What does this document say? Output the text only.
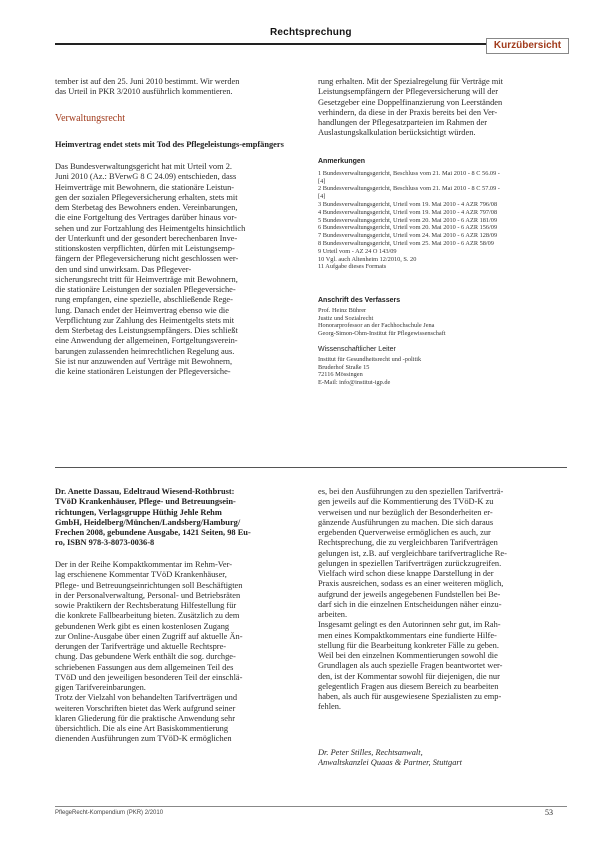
Rechtsprechung
Kurzübersicht
tember ist auf den 25. Juni 2010 bestimmt. Wir werden
das Urteil in PKR 3/2010 ausführlich kommentieren.
Verwaltungsrecht
Heimvertrag endet stets mit Tod des Pflegeleistungs-empfängers
Das Bundesverwaltungsgericht hat mit Urteil vom 2.
Juni 2010 (Az.: BVerwG 8 C 24.09) entschieden, dass
Heimverträge mit Bewohnern, die stationäre Leistun-
gen der sozialen Pflegeversicherung erhalten, stets mit
dem Sterbetag des Bewohners enden. Vereinbarungen,
die eine Fortgeltung des Vertrages darüber hinaus vor-
sehen und zur Fortzahlung des Heimentgelts hinsichtlich
der Unterkunft und der gesondert berechenbaren Inve-
stitionskosten verpflichten, dürfen mit Leistungsemp-
fängern der Pflegeversicherung nicht geschlossen wer-
den und sind unwirksam. Das Pflegever-
sicherungsrecht tritt für Heimverträge mit Bewohnern,
die stationäre Leistungen der sozialen Pflegeversiche-
rung empfangen, eine spezielle, abschließende Rege-
lung. Danach endet der Heimvertrag ebenso wie die
Verpflichtung zur Zahlung des Heimentgelts stets mit
dem Sterbetag des Leistungsempfängers. Dies schließt
eine Anwendung der allgemeinen, Fortgeltungsverein-
barungen zulassenden heimrechtlichen Regelung aus.
Sie ist nur anzuwenden auf Verträge mit Bewohnern,
die keine stationären Leistungen der Pflegeversiche-
rung erhalten. Mit der Spezialregelung für Verträge mit
Leistungsempfängern der Pflegeversicherung will der
Gesetzgeber eine Doppelfinanzierung von Leerständen
verhindern, da diese in der Praxis bereits bei den Ver-
handlungen der Pflegesatzparteien im Rahmen der
Auslastungskalkulation berücksichtigt würden.
Anmerkungen
1 Bundesverwaltungsgericht, Beschluss vom 21. Mai 2010 - 8 C 56.09 -
[4]
2 Bundesverwaltungsgericht, Beschluss vom 21. Mai 2010 - 8 C 57.09 -
[4]
3 Bundesverwaltungsgericht, Urteil vom 19. Mai 2010 - 4 AZR 796/08
4 Bundesverwaltungsgericht, Urteil vom 19. Mai 2010 - 4 AZR 797/08
5 Bundesverwaltungsgericht, Urteil vom 20. Mai 2010 - 6 AZR 181/09
6 Bundesverwaltungsgericht, Urteil vom 20. Mai 2010 - 6 AZR 156/09
7 Bundesverwaltungsgericht, Urteil vom 24. Mai 2010 - 6 AZR 128/09
8 Bundesverwaltungsgericht, Urteil vom 25. Mai 2010 - 6 AZR 58/09
9 Urteil vom - AZ 24 O 143/09
10 Vgl. auch Altenheim 12/2010, S. 20
11 Aufgabe dieses Formats
Anschrift des Verfassers
Prof. Heinz Bührer
Justiz und Sozialrecht
Honorarprofessor an der Fachhochschule Jena
Georg-Simon-Ohm-Institut für Pflegewissenschaft
Wissenschaftlicher Leiter
Institut für Gesundheitsrecht und -politik
Bruderhof Straße 15
72116 Mössingen
E-Mail: info@institut-igp.de
Dr. Anette Dassau, Edeltraud Wiesend-Rothbrust:
TVöD Krankenhäuser, Pflege- und Betreuungsein-
richtungen, Verlagsgruppe Hüthig Jehle Rehm
GmbH, Heidelberg/München/Landsberg/Hamburg/
Frechen 2008, gebundene Ausgabe, 1421 Seiten, 98 Eu-
ro, ISBN 978-3-8073-0036-8
Der in der Reihe Kompaktkommentar im Rehm-Ver-
lag erschienene Kommentar TVöD Krankenhäuser,
Pflege- und Betreuungseinrichtungen soll Beschäftigten
in der Personalverwaltung, Personal- und Betriebsräten
sowie Praktikern der Rechtsberatung Hilfestellung für
die konkrete Fallbearbeitung bieten. Zusätzlich zu dem
gebundenen Werk gibt es einen kostenlosen Zugang
zur Online-Ausgabe über einen Zugriff auf aktuelle Än-
derungen der Tarifverträge und aktuelle Rechtspre-
chung. Das gebundene Werk enthält die sog. durchge-
schriebenen Fassungen aus dem allgemeinen Teil des
TVöD und den jeweiligen besonderen Teil der einschlä-
gigen Tarifvereinbarungen.
Trotz der Vielzahl von behandelten Tarifverträgen und
weiteren Vorschriften bietet das Werk aufgrund seiner
klaren Gliederung für die praktische Anwendung sehr
übersichtlich. Die als eine Art Basiskommentierung
dienenden Ausführungen zum TVöD-K ermöglichen
es, bei den Ausführungen zu den speziellen Tarifverträ-
gen jeweils auf die Kommentierung des TVöD-K zu
verweisen und nur bezüglich der Besonderheiten er-
gänzende Ausführungen zu machen. Die sich daraus
ergebenden Querverweise ermöglichen es auch, zur
Rechtsprechung, die zu vergleichbaren Tarifverträgen
gelungen ist, z.B. auf vergleichbare tarifvertragliche Re-
gelungen in speziellen Tarifverträgen zurückzugreifen.
Vielfach wird schon diese knappe Darstellung in der
Praxis ausreichen, sodass es an einer weiteren möglich,
aufgrund der jeweils angegebenen Fundstellen bei Be-
darf sich in die einzelnen Entscheidungen näher einzu-
arbeiten.
Insgesamt gelingt es den Autorinnen sehr gut, im Rah-
men eines Kompaktkommentars eine fundierte Hilfe-
stellung für die Bearbeitung konkreter Fälle zu geben.
Weil bei den einzelnen Kommentierungen sowohl die
Grundlagen als auch spezielle Fragen beantwortet wer-
den, ist der Kommentar sowohl für diejenigen, die nur
gelegentlich Fragen aus diesem Bereich zu bearbeiten
haben, als auch für ausgewiesene Spezialisten zu emp-
fehlen.
Dr. Peter Stilles, Rechtsanwalt,
Anwaltskanzlei Quaas & Partner, Stuttgart
PflegeRecht-Kompendium (PKR) 2/2010	53
